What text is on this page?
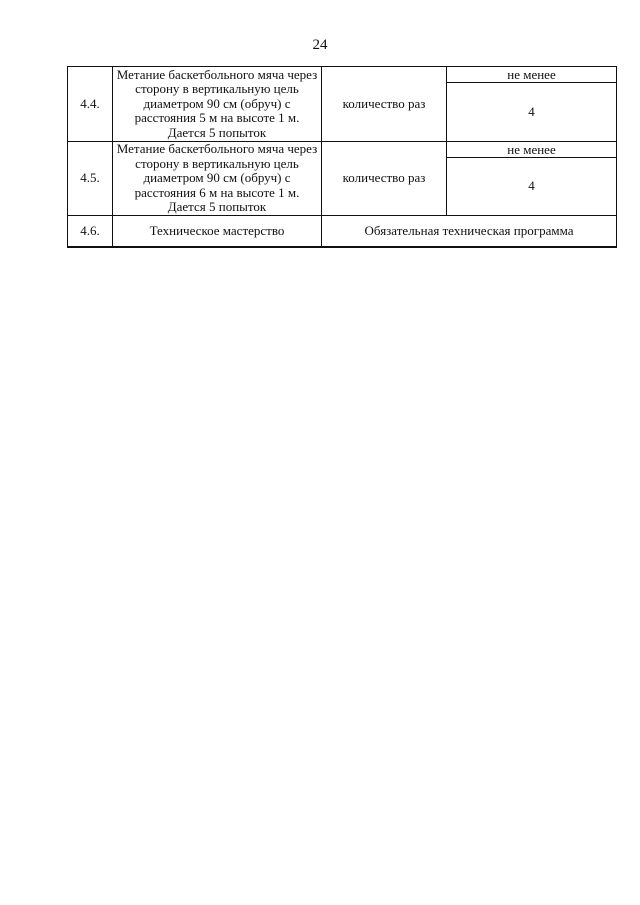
24
4.4.	Метание баскетбольного мяча через сторону в вертикальную цель диаметром 90 см (обруч) с расстояния 5 м на высоте 1 м. Дается 5 попыток	количество раз	не менее
			4
4.5.	Метание баскетбольного мяча через сторону в вертикальную цель диаметром 90 см (обруч) с расстояния 6 м на высоте 1 м. Дается 5 попыток	количество раз	не менее
			4
4.6.	Техническое мастерство	Обязательная техническая программа	
